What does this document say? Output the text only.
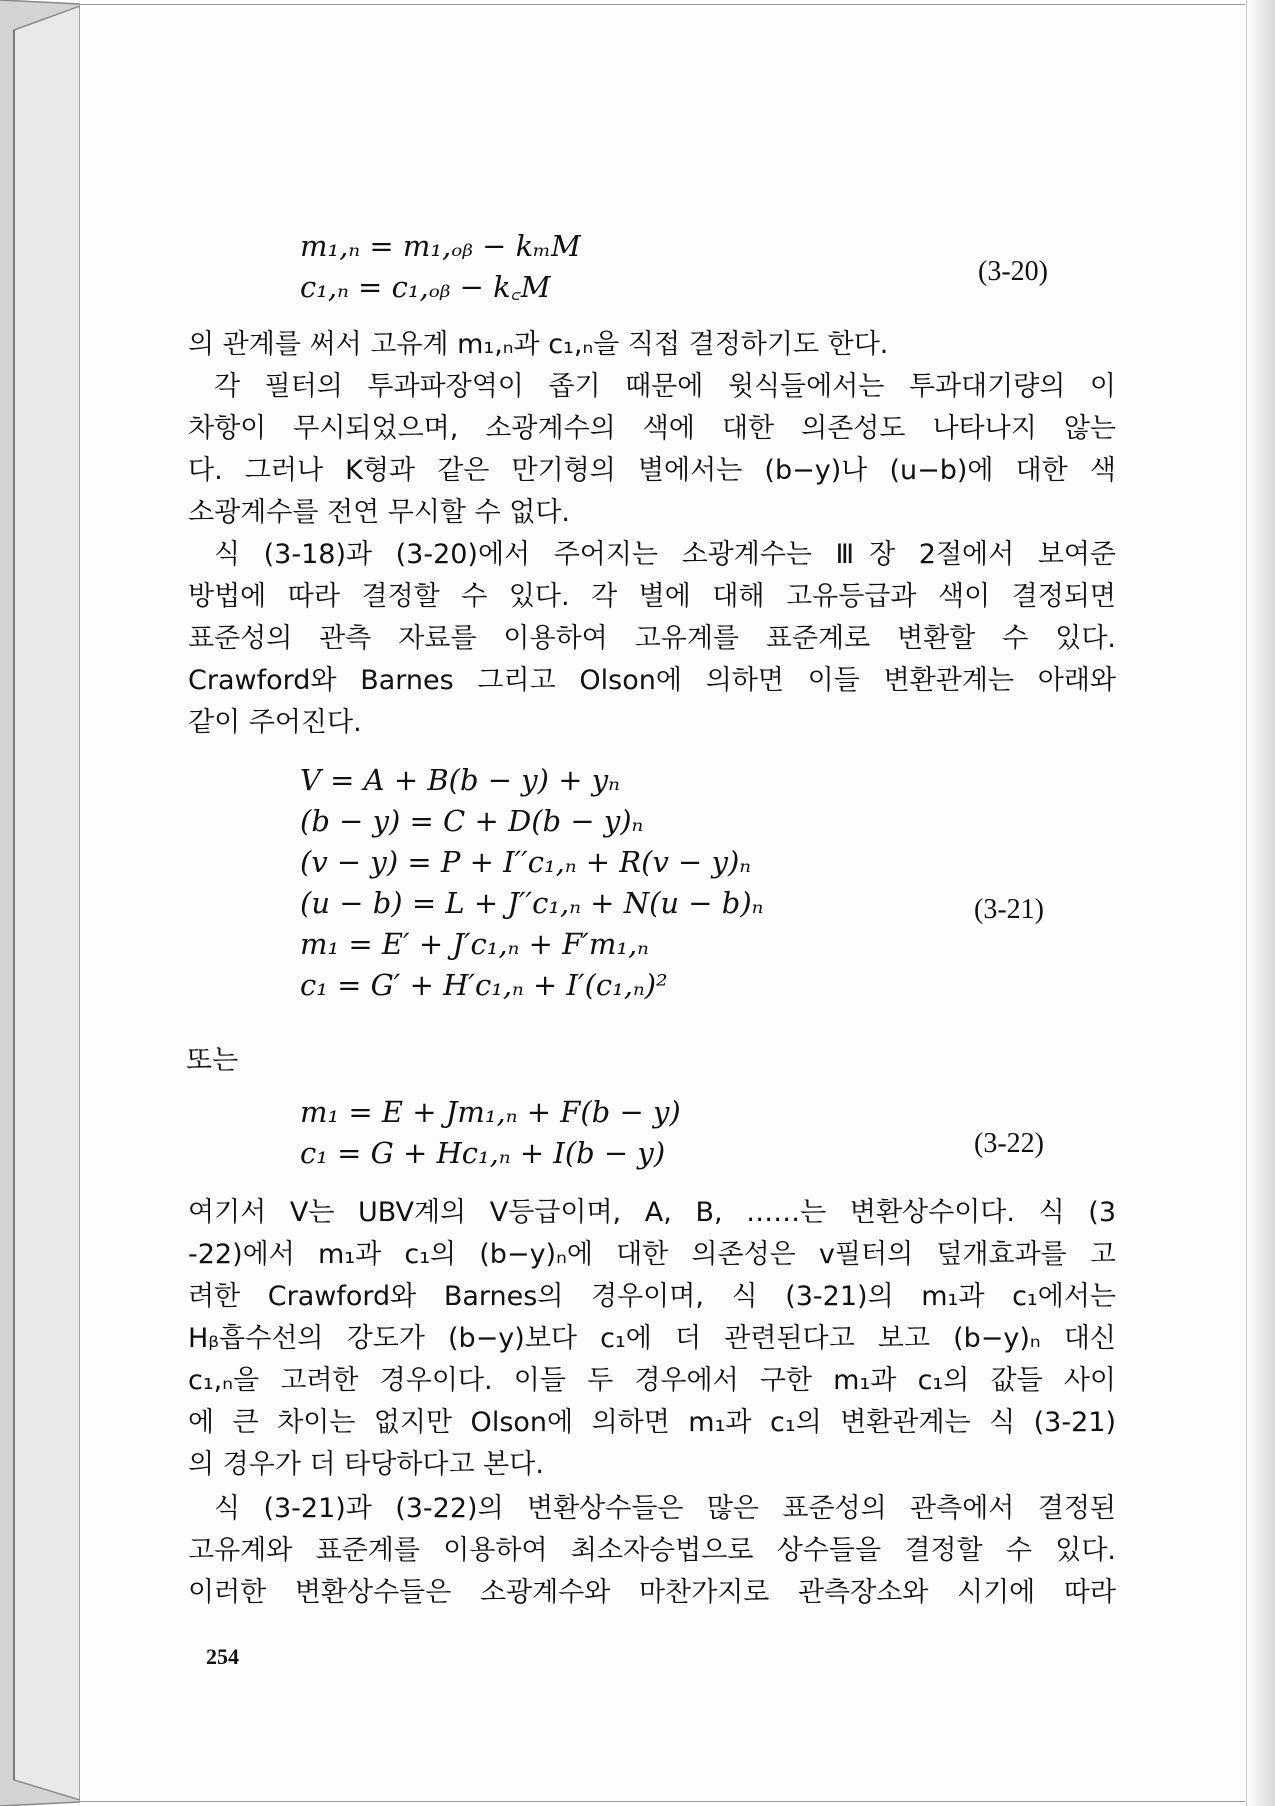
m₁,ₙ = m₁,ₒᵦ − kₘM
c₁,ₙ = c₁,ₒᵦ − k꜀M	(3-20)
의 관계를 써서 고유계 m₁,ₙ과 c₁,ₙ을 직접 결정하기도 한다.
각 필터의 투과파장역이 좁기 때문에 윗식들에서는 투과대기량의 이
차항이 무시되었으며, 소광계수의 색에 대한 의존성도 나타나지 않는
다. 그러나 K형과 같은 만기형의 별에서는 (b−y)나 (u−b)에 대한 색
소광계수를 전연 무시할 수 없다.
식 (3-18)과 (3-20)에서 주어지는 소광계수는 Ⅲ장 2절에서 보여준
방법에 따라 결정할 수 있다. 각 별에 대해 고유등급과 색이 결정되면
표준성의 관측 자료를 이용하여 고유계를 표준계로 변환할 수 있다.
Crawford와 Barnes 그리고 Olson에 의하면 이들 변환관계는 아래와
같이 주어진다.
V = A + B(b − y) + yₙ
(b − y) = C + D(b − y)ₙ
(v − y) = P + I′′c₁,ₙ + R(v − y)ₙ
(u − b) = L + J′′c₁,ₙ + N(u − b)ₙ
m₁ = E′ + J′c₁,ₙ + F′m₁,ₙ
c₁ = G′ + H′c₁,ₙ + I′(c₁,ₙ)²
(3-21)
또는
m₁ = E + Jm₁,ₙ + F(b − y)
c₁ = G + Hc₁,ₙ + I(b − y)	(3-22)
여기서 V는 UBV계의 V등급이며, A, B, ……는 변환상수이다. 식 (3
-22)에서 m₁과 c₁의 (b−y)ₙ에 대한 의존성은 v필터의 덮개효과를 고
려한 Crawford와 Barnes의 경우이며, 식 (3-21)의 m₁과 c₁에서는
Hᵦ흡수선의 강도가 (b−y)보다 c₁에 더 관련된다고 보고 (b−y)ₙ 대신
c₁,ₙ을 고려한 경우이다. 이들 두 경우에서 구한 m₁과 c₁의 값들 사이
에 큰 차이는 없지만 Olson에 의하면 m₁과 c₁의 변환관계는 식 (3-21)
의 경우가 더 타당하다고 본다.
식 (3-21)과 (3-22)의 변환상수들은 많은 표준성의 관측에서 결정된
고유계와 표준계를 이용하여 최소자승법으로 상수들을 결정할 수 있다.
이러한 변환상수들은 소광계수와 마찬가지로 관측장소와 시기에 따라
254
